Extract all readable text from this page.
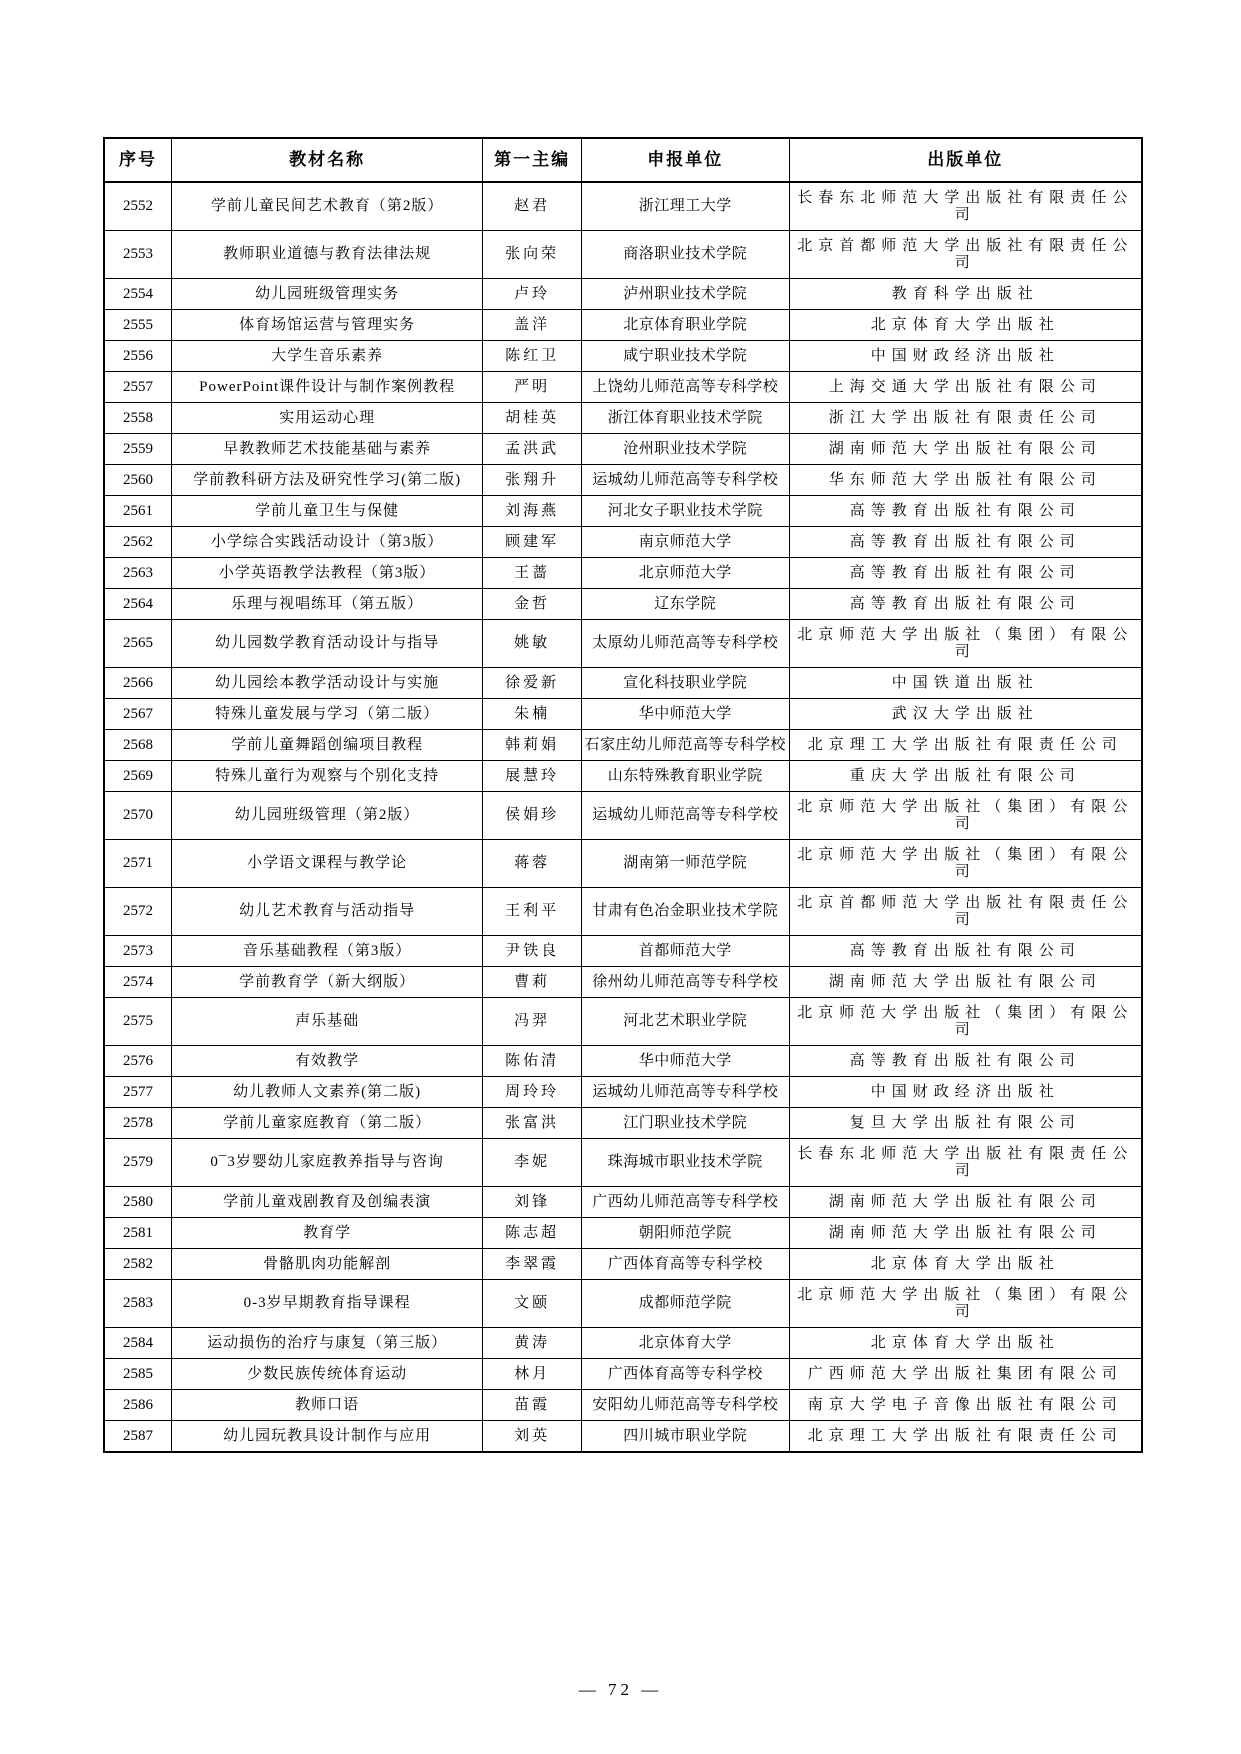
序号	教材名称	第一主编	申报单位	出版单位
2552	学前儿童民间艺术教育（第2版）	赵君	浙江理工大学	长春东北师范大学出版社有限责任公司
2553	教师职业道德与教育法律法规	张向荣	商洛职业技术学院	北京首都师范大学出版社有限责任公司
2554	幼儿园班级管理实务	卢玲	泸州职业技术学院	教育科学出版社
2555	体育场馆运营与管理实务	盖洋	北京体育职业学院	北京体育大学出版社
2556	大学生音乐素养	陈红卫	咸宁职业技术学院	中国财政经济出版社
2557	PowerPoint课件设计与制作案例教程	严明	上饶幼儿师范高等专科学校	上海交通大学出版社有限公司
2558	实用运动心理	胡桂英	浙江体育职业技术学院	浙江大学出版社有限责任公司
2559	早教教师艺术技能基础与素养	孟洪武	沧州职业技术学院	湖南师范大学出版社有限公司
2560	学前教科研方法及研究性学习(第二版)	张翔升	运城幼儿师范高等专科学校	华东师范大学出版社有限公司
2561	学前儿童卫生与保健	刘海燕	河北女子职业技术学院	高等教育出版社有限公司
2562	小学综合实践活动设计（第3版）	顾建军	南京师范大学	高等教育出版社有限公司
2563	小学英语教学法教程（第3版）	王蔷	北京师范大学	高等教育出版社有限公司
2564	乐理与视唱练耳（第五版）	金哲	辽东学院	高等教育出版社有限公司
2565	幼儿园数学教育活动设计与指导	姚敏	太原幼儿师范高等专科学校	北京师范大学出版社（集团）有限公司
2566	幼儿园绘本教学活动设计与实施	徐爱新	宣化科技职业学院	中国铁道出版社
2567	特殊儿童发展与学习（第二版）	朱楠	华中师范大学	武汉大学出版社
2568	学前儿童舞蹈创编项目教程	韩莉娟	石家庄幼儿师范高等专科学校	北京理工大学出版社有限责任公司
2569	特殊儿童行为观察与个别化支持	展慧玲	山东特殊教育职业学院	重庆大学出版社有限公司
2570	幼儿园班级管理（第2版）	侯娟珍	运城幼儿师范高等专科学校	北京师范大学出版社（集团）有限公司
2571	小学语文课程与教学论	蒋蓉	湖南第一师范学院	北京师范大学出版社（集团）有限公司
2572	幼儿艺术教育与活动指导	王利平	甘肃有色冶金职业技术学院	北京首都师范大学出版社有限责任公司
2573	音乐基础教程（第3版）	尹铁良	首都师范大学	高等教育出版社有限公司
2574	学前教育学（新大纲版）	曹莉	徐州幼儿师范高等专科学校	湖南师范大学出版社有限公司
2575	声乐基础	冯羿	河北艺术职业学院	北京师范大学出版社（集团）有限公司
2576	有效教学	陈佑清	华中师范大学	高等教育出版社有限公司
2577	幼儿教师人文素养(第二版)	周玲玲	运城幼儿师范高等专科学校	中国财政经济出版社
2578	学前儿童家庭教育（第二版）	张富洪	江门职业技术学院	复旦大学出版社有限公司
2579	0¯3岁婴幼儿家庭教养指导与咨询	李妮	珠海城市职业技术学院	长春东北师范大学出版社有限责任公司
2580	学前儿童戏剧教育及创编表演	刘锋	广西幼儿师范高等专科学校	湖南师范大学出版社有限公司
2581	教育学	陈志超	朝阳师范学院	湖南师范大学出版社有限公司
2582	骨骼肌肉功能解剖	李翠霞	广西体育高等专科学校	北京体育大学出版社
2583	0-3岁早期教育指导课程	文颐	成都师范学院	北京师范大学出版社（集团）有限公司
2584	运动损伤的治疗与康复（第三版）	黄涛	北京体育大学	北京体育大学出版社
2585	少数民族传统体育运动	林月	广西体育高等专科学校	广西师范大学出版社集团有限公司
2586	教师口语	苗霞	安阳幼儿师范高等专科学校	南京大学电子音像出版社有限公司
2587	幼儿园玩教具设计制作与应用	刘英	四川城市职业学院	北京理工大学出版社有限责任公司
— 72 —
